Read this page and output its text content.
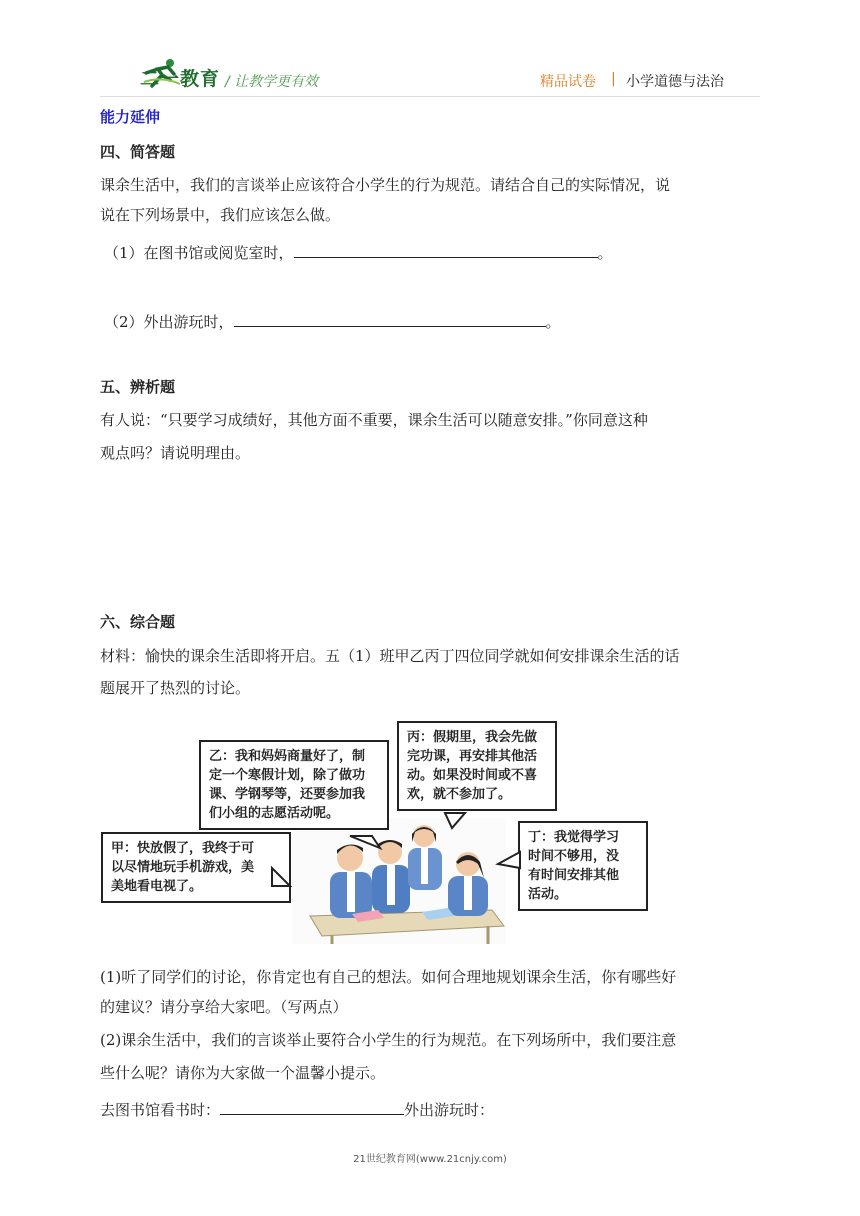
二一教育 / 让教学更有效	精品试卷 | 小学道德与法治
能力延伸
四、简答题
课余生活中，我们的言谈举止应该符合小学生的行为规范。请结合自己的实际情况，说
说在下列场景中，我们应该怎么做。
（1）在图书馆或阅览室时，	。
（2）外出游玩时，	。
五、辨析题
有人说：“只要学习成绩好，其他方面不重要，课余生活可以随意安排。”你同意这种
观点吗？请说明理由。
六、综合题
材料：愉快的课余生活即将开启。五（1）班甲乙丙丁四位同学就如何安排课余生活的话
题展开了热烈的讨论。
乙：我和妈妈商量好了，制
定一个寒假计划，除了做功
课、学钢琴等，还要参加我
们小组的志愿活动呢。
丙：假期里，我会先做
完功课，再安排其他活
动。如果没时间或不喜
欢，就不参加了。
甲：快放假了，我终于可
以尽情地玩手机游戏，美
美地看电视了。
丁：我觉得学习
时间不够用，没
有时间安排其他
活动。
(1)听了同学们的讨论，你肯定也有自己的想法。如何合理地规划课余生活，你有哪些好
的建议？请分享给大家吧。（写两点）
(2)课余生活中，我们的言谈举止要符合小学生的行为规范。在下列场所中，我们要注意
些什么呢？请你为大家做一个温馨小提示。
去图书馆看书时：	外出游玩时：
21世纪教育网(www.21cnjy.com)
